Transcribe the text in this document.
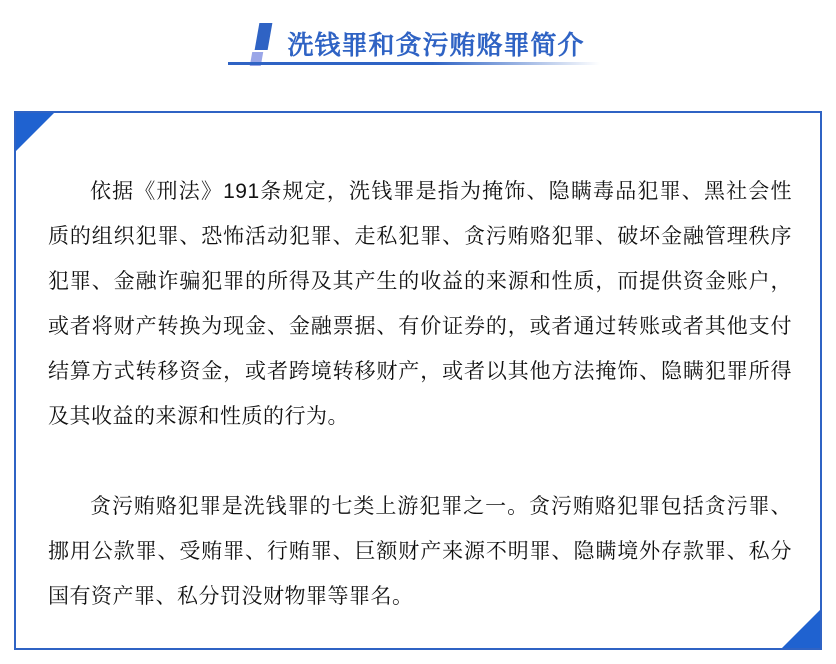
洗钱罪和贪污贿赂罪简介

依据《刑法》191条规定，洗钱罪是指为掩饰、隐瞒毒品犯罪、黑社会性质的组织犯罪、恐怖活动犯罪、走私犯罪、贪污贿赂犯罪、破坏金融管理秩序犯罪、金融诈骗犯罪的所得及其产生的收益的来源和性质，而提供资金账户，或者将财产转换为现金、金融票据、有价证券的，或者通过转账或者其他支付结算方式转移资金，或者跨境转移财产，或者以其他方法掩饰、隐瞒犯罪所得及其收益的来源和性质的行为。

贪污贿赂犯罪是洗钱罪的七类上游犯罪之一。贪污贿赂犯罪包括贪污罪、挪用公款罪、受贿罪、行贿罪、巨额财产来源不明罪、隐瞒境外存款罪、私分国有资产罪、私分罚没财物罪等罪名。
